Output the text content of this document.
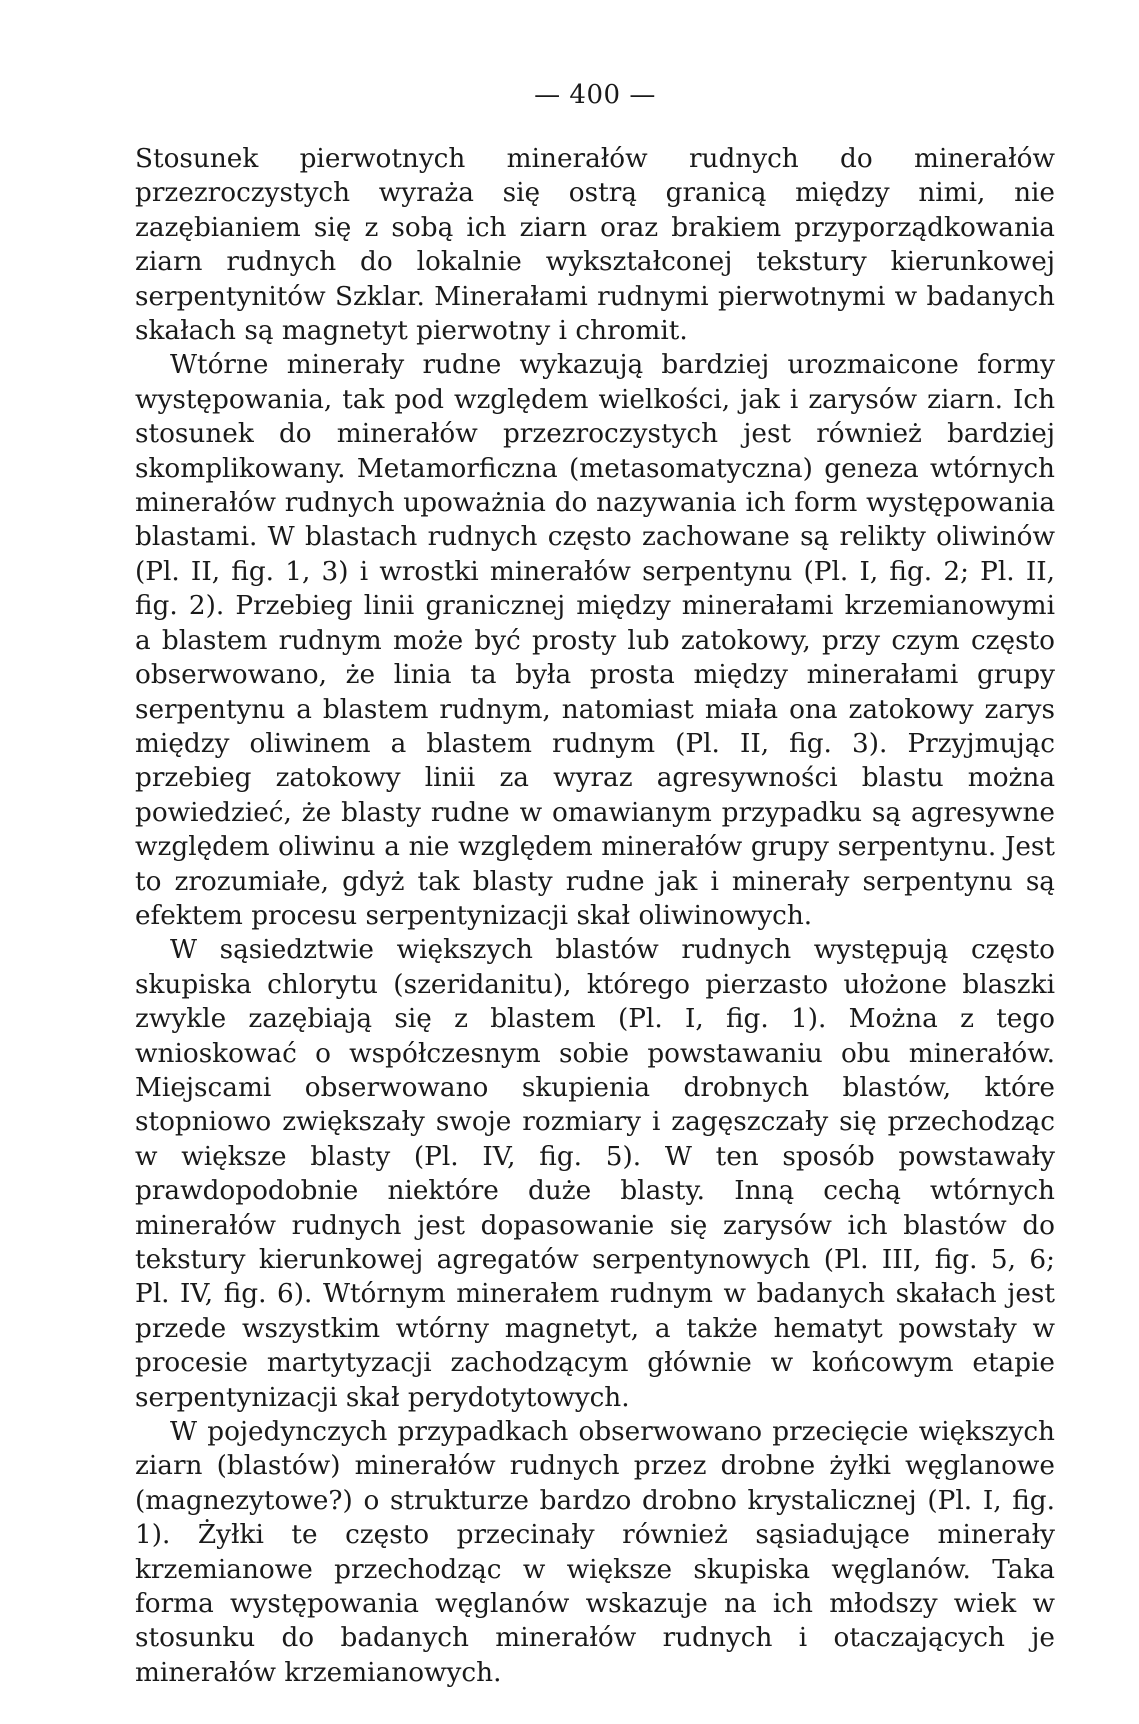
— 400 —

Stosunek pierwotnych minerałów rudnych do minerałów przezroczystych wyraża się ostrą granicą między nimi, nie zazębianiem się z sobą ich ziarn oraz brakiem przyporządkowania ziarn rudnych do lokalnie wykształconej tekstury kierunkowej serpentynitów Szklar. Minerałami rudnymi pierwotnymi w badanych skałach są magnetyt pierwotny i chromit.

Wtórne minerały rudne wykazują bardziej urozmaicone formy występowania, tak pod względem wielkości, jak i zarysów ziarn. Ich stosunek do minerałów przezroczystych jest również bardziej skomplikowany. Metamorficzna (metasomatyczna) geneza wtórnych minerałów rudnych upoważnia do nazywania ich form występowania blastami. W blastach rudnych często zachowane są relikty oliwinów (Pl. II, fig. 1, 3) i wrostki minerałów serpentynu (Pl. I, fig. 2; Pl. II, fig. 2). Przebieg linii granicznej między minerałami krzemianowymi a blastem rudnym może być prosty lub zatokowy, przy czym często obserwowano, że linia ta była prosta między minerałami grupy serpentynu a blastem rudnym, natomiast miała ona zatokowy zarys między oliwinem a blastem rudnym (Pl. II, fig. 3). Przyjmując przebieg zatokowy linii za wyraz agresywności blastu można powiedzieć, że blasty rudne w omawianym przypadku są agresywne względem oliwinu a nie względem minerałów grupy serpentynu. Jest to zrozumiałe, gdyż tak blasty rudne jak i minerały serpentynu są efektem procesu serpentynizacji skał oliwinowych.

W sąsiedztwie większych blastów rudnych występują często skupiska chlorytu (szeridanitu), którego pierzasto ułożone blaszki zwykle zazębiają się z blastem (Pl. I, fig. 1). Można z tego wnioskować o współczesnym sobie powstawaniu obu minerałów. Miejscami obserwowano skupienia drobnych blastów, które stopniowo zwiększały swoje rozmiary i zagęszczały się przechodząc w większe blasty (Pl. IV, fig. 5). W ten sposób powstawały prawdopodobnie niektóre duże blasty. Inną cechą wtórnych minerałów rudnych jest dopasowanie się zarysów ich blastów do tekstury kierunkowej agregatów serpentynowych (Pl. III, fig. 5, 6; Pl. IV, fig. 6). Wtórnym minerałem rudnym w badanych skałach jest przede wszystkim wtórny magnetyt, a także hematyt powstały w procesie martytyzacji zachodzącym głównie w końcowym etapie serpentynizacji skał perydotytowych.

W pojedynczych przypadkach obserwowano przecięcie większych ziarn (blastów) minerałów rudnych przez drobne żyłki węglanowe (magnezytowe?) o strukturze bardzo drobno krystalicznej (Pl. I, fig. 1). Żyłki te często przecinały również sąsiadujące minerały krzemianowe przechodząc w większe skupiska węglanów. Taka forma występowania węglanów wskazuje na ich młodszy wiek w stosunku do badanych minerałów rudnych i otaczających je minerałów krzemianowych.
